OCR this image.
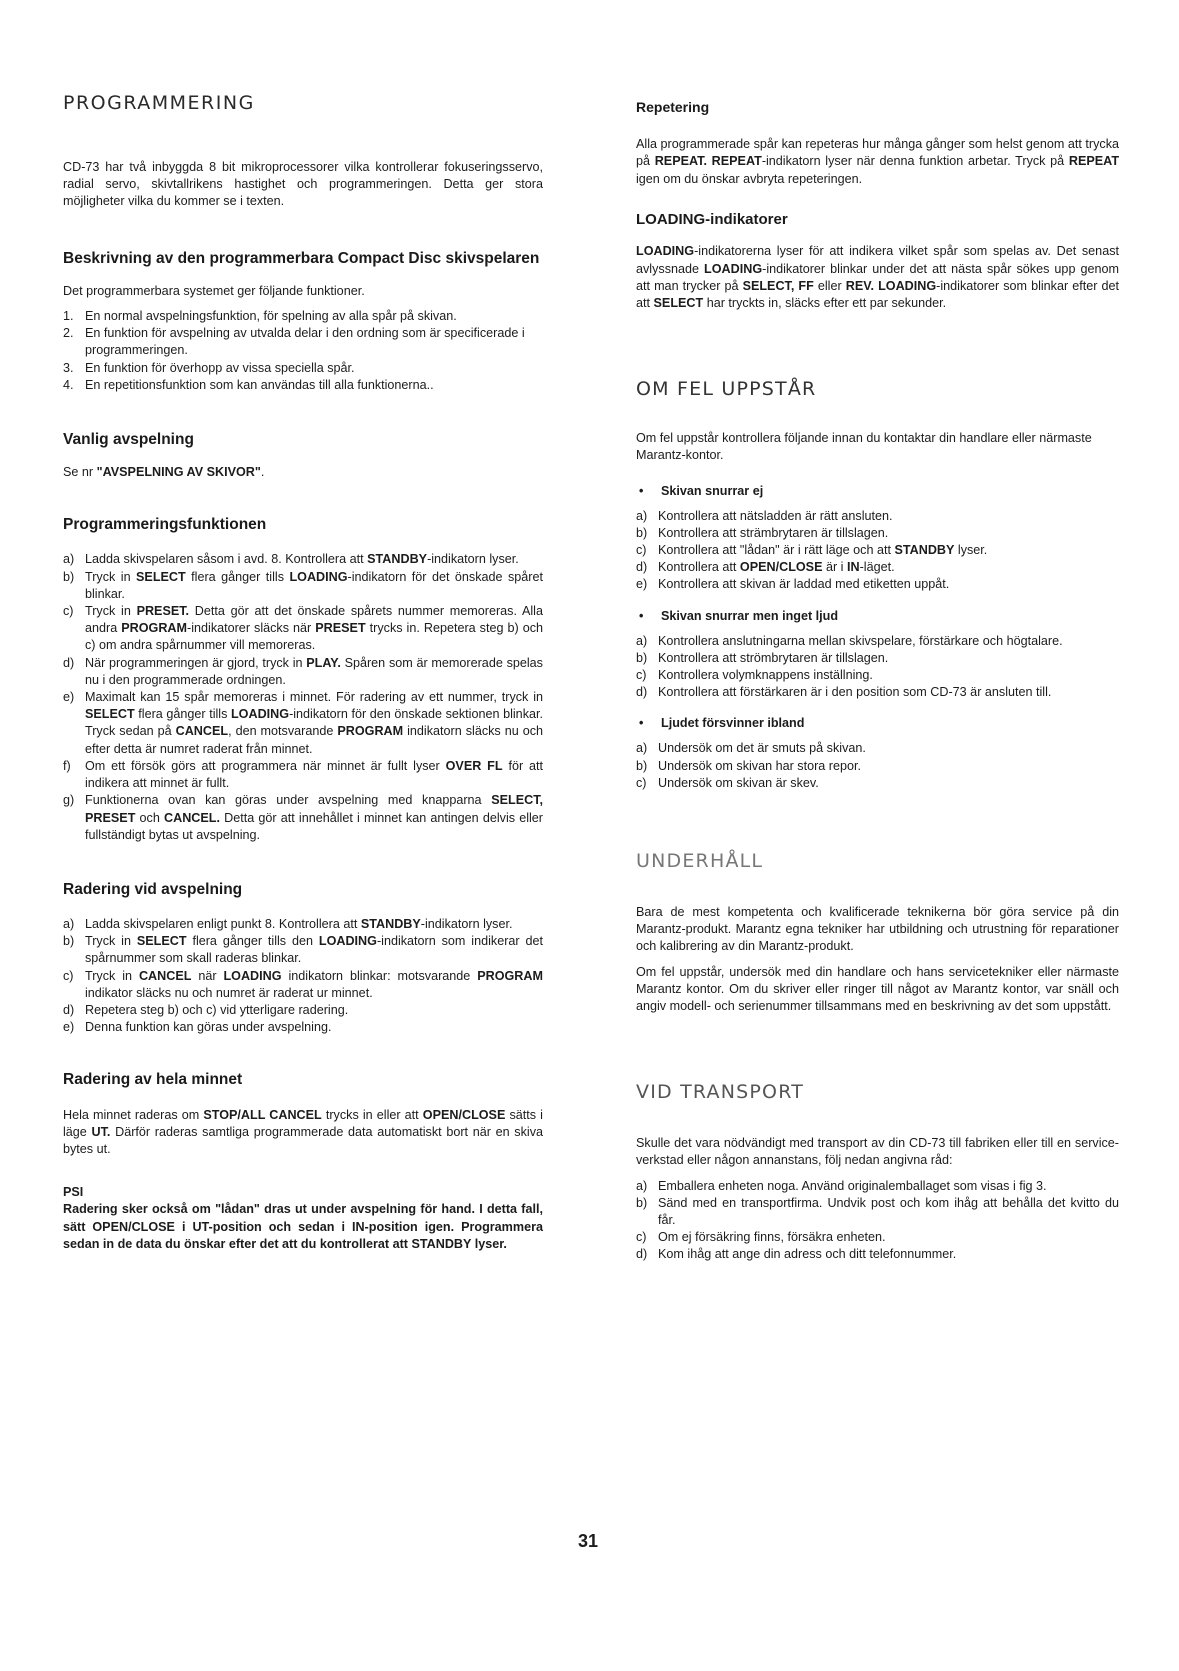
PROGRAMMERING

CD-73 har två inbyggda 8 bit mikroprocessorer vilka kontrollerar fokuseringsservo, radial servo, skivtallrikens hastighet och programmeringen. Detta ger stora möjligheter vilka du kommer se i texten.

Beskrivning av den programmerbara Compact Disc skivspelaren

Det programmerbara systemet ger följande funktioner.

1. En normal avspelningsfunktion, för spelning av alla spår på skivan.
2. En funktion för avspelning av utvalda delar i den ordning som är specificerade i programmeringen.
3. En funktion för överhopp av vissa speciella spår.
4. En repetitionsfunktion som kan användas till alla funktionerna..
Vanlig avspelning

Se nr "AVSPELNING AV SKIVOR".

Programmeringsfunktionen
a) Ladda skivspelaren såsom i avd. 8. Kontrollera att STANDBY-indikatorn lyser.
b) Tryck in SELECT flera gånger tills LOADING-indikatorn för det önskade spåret blinkar.
c) Tryck in PRESET. Detta gör att det önskade spårets nummer memoreras. Alla andra PROGRAM-indikatorer släcks när PRESET trycks in. Repetera steg b) och c) om andra spårnummer vill memoreras.
d) När programmeringen är gjord, tryck in PLAY. Spåren som är memorerade spelas nu i den programmerade ordningen.
e) Maximalt kan 15 spår memoreras i minnet. För radering av ett nummer, tryck in SELECT flera gånger tills LOADING-indikatorn för den önskade sektionen blinkar. Tryck sedan på CANCEL, den motsvarande PROGRAM indikatorn släcks nu och efter detta är numret raderat från minnet.
f) Om ett försök görs att programmera när minnet är fullt lyser OVER FL för att indikera att minnet är fullt.
g) Funktionerna ovan kan göras under avspelning med knapparna SELECT, PRESET och CANCEL. Detta gör att innehållet i minnet kan antingen delvis eller fullständigt bytas ut avspelning.
Radering vid avspelning
a) Ladda skivspelaren enligt punkt 8. Kontrollera att STANDBY-indikatorn lyser.
b) Tryck in SELECT flera gånger tills den LOADING-indikatorn som indikerar det spårnummer som skall raderas blinkar.
c) Tryck in CANCEL när LOADING indikatorn blinkar: motsvarande PROGRAM indikator släcks nu och numret är raderat ur minnet.
d) Repetera steg b) och c) vid ytterligare radering.
e) Denna funktion kan göras under avspelning.
Radering av hela minnet

Hela minnet raderas om STOP/ALL CANCEL trycks in eller att OPEN/CLOSE sätts i läge UT. Därför raderas samtliga programmerade data automatiskt bort när en skiva bytes ut.

PSI

Radering sker också om "lådan" dras ut under avspelning för hand. I detta fall, sätt OPEN/CLOSE i UT-position och sedan i IN-position igen. Programmera sedan in de data du önskar efter det att du kontrollerat att STANDBY lyser.

Repetering

Alla programmerade spår kan repeteras hur många gånger som helst genom att trycka på REPEAT. REPEAT-indikatorn lyser när denna funktion arbetar. Tryck på REPEAT igen om du önskar avbryta repeteringen.

LOADING-indikatorer

LOADING-indikatorerna lyser för att indikera vilket spår som spelas av. Det senast avlyssnade LOADING-indikatorer blinkar under det att nästa spår sökes upp genom att man trycker på SELECT, FF eller REV. LOADING-indikatorer som blinkar efter det att SELECT har tryckts in, släcks efter ett par sekunder.

OM FEL UPPSTÅR

Om fel uppstår kontrollera följande innan du kontaktar din handlare eller närmaste Marantz-kontor.

• Skivan snurrar ej
a) Kontrollera att nätsladden är rätt ansluten.
b) Kontrollera att strämbrytaren är tillslagen.
c) Kontrollera att "lådan" är i rätt läge och att STANDBY lyser.
d) Kontrollera att OPEN/CLOSE är i IN-läget.
e) Kontrollera att skivan är laddad med etiketten uppåt.
• Skivan snurrar men inget ljud
a) Kontrollera anslutningarna mellan skivspelare, förstärkare och högtalare.
b) Kontrollera att strömbrytaren är tillslagen.
c) Kontrollera volymknappens inställning.
d) Kontrollera att förstärkaren är i den position som CD-73 är ansluten till.
• Ljudet försvinner ibland
a) Undersök om det är smuts på skivan.
b) Undersök om skivan har stora repor.
c) Undersök om skivan är skev.
UNDERHÅLL

Bara de mest kompetenta och kvalificerade teknikerna bör göra service på din Marantz-produkt. Marantz egna tekniker har utbildning och utrustning för reparationer och kalibrering av din Marantz-produkt.

Om fel uppstår, undersök med din handlare och hans servicetekniker eller närmaste Marantz kontor. Om du skriver eller ringer till något av Marantz kontor, var snäll och angiv modell- och serienummer tillsammans med en beskrivning av det som uppstått.

VID TRANSPORT

Skulle det vara nödvändigt med transport av din CD-73 till fabriken eller till en service-verkstad eller någon annanstans, följ nedan angivna råd:

a) Emballera enheten noga. Använd originalemballaget som visas i fig 3.
b) Sänd med en transportfirma. Undvik post och kom ihåg att behålla det kvitto du får.
c) Om ej försäkring finns, försäkra enheten.
d) Kom ihåg att ange din adress och ditt telefonnummer.
31
